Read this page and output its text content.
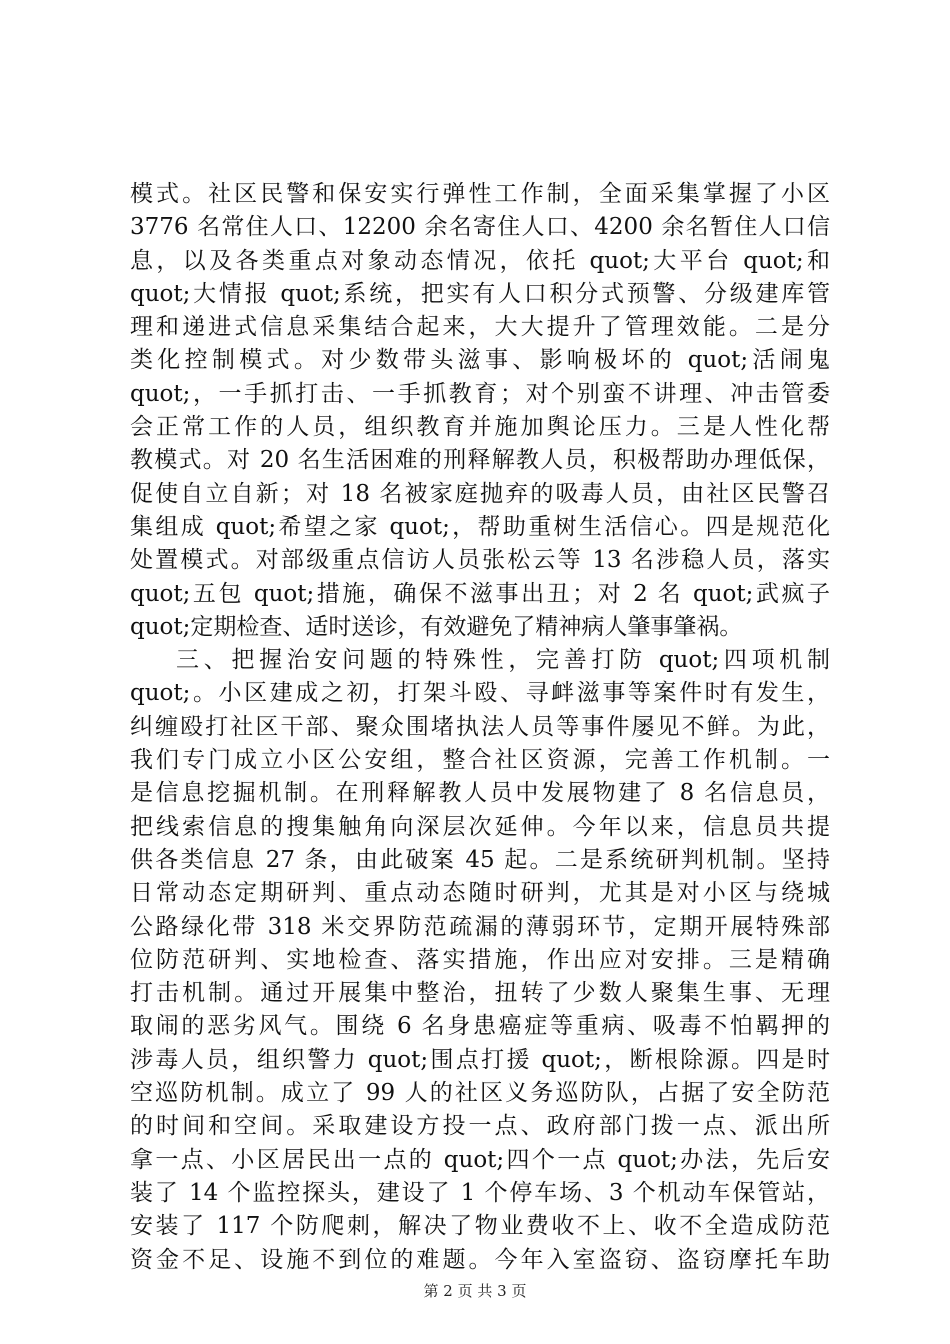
模式。社区民警和保安实行弹性工作制，全面采集掌握了小区
3776 名常住人口、12200 余名寄住人口、4200 余名暂住人口信
息，以及各类重点对象动态情况，依托 quot;大平台 quot;和
quot;大情报 quot;系统，把实有人口积分式预警、分级建库管
理和递进式信息采集结合起来，大大提升了管理效能。二是分
类化控制模式。对少数带头滋事、影响极坏的 quot;活闹鬼
quot;，一手抓打击、一手抓教育；对个别蛮不讲理、冲击管委
会正常工作的人员，组织教育并施加舆论压力。三是人性化帮
教模式。对 20 名生活困难的刑释解教人员，积极帮助办理低保，
促使自立自新；对 18 名被家庭抛弃的吸毒人员，由社区民警召
集组成 quot;希望之家 quot;，帮助重树生活信心。四是规范化
处置模式。对部级重点信访人员张松云等 13 名涉稳人员，落实
quot;五包 quot;措施，确保不滋事出丑；对 2 名 quot;武疯子
quot;定期检查、适时送诊，有效避免了精神病人肇事肇祸。
三、把握治安问题的特殊性，完善打防 quot;四项机制
quot;。小区建成之初，打架斗殴、寻衅滋事等案件时有发生，
纠缠殴打社区干部、聚众围堵执法人员等事件屡见不鲜。为此，
我们专门成立小区公安组，整合社区资源，完善工作机制。一
是信息挖掘机制。在刑释解教人员中发展物建了 8 名信息员，
把线索信息的搜集触角向深层次延伸。今年以来，信息员共提
供各类信息 27 条，由此破案 45 起。二是系统研判机制。坚持
日常动态定期研判、重点动态随时研判，尤其是对小区与绕城
公路绿化带 318 米交界防范疏漏的薄弱环节，定期开展特殊部
位防范研判、实地检查、落实措施，作出应对安排。三是精确
打击机制。通过开展集中整治，扭转了少数人聚集生事、无理
取闹的恶劣风气。围绕 6 名身患癌症等重病、吸毒不怕羁押的
涉毒人员，组织警力 quot;围点打援 quot;，断根除源。四是时
空巡防机制。成立了 99 人的社区义务巡防队，占据了安全防范
的时间和空间。采取建设方投一点、政府部门拨一点、派出所
拿一点、小区居民出一点的 quot;四个一点 quot;办法，先后安
装了 14 个监控探头，建设了 1 个停车场、3 个机动车保管站，
安装了 117 个防爬刺，解决了物业费收不上、收不全造成防范
资金不足、设施不到位的难题。今年入室盗窃、盗窃摩托车助
第 2 页 共 3 页
